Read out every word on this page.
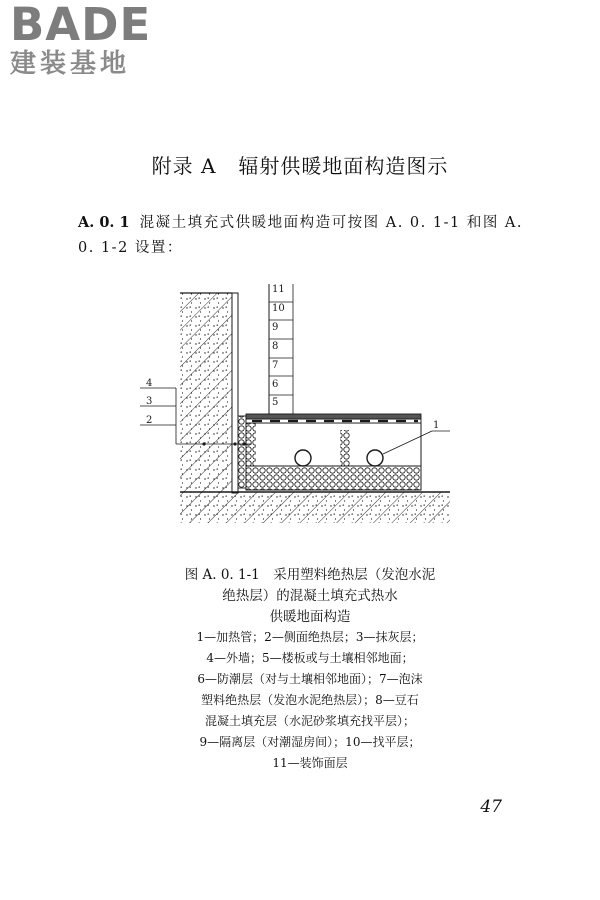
BADE
建装基地
附录 A 辐射供暖地面构造图示
A. 0. 1 混凝土填充式供暖地面构造可按图 A. 0. 1-1 和图 A. 0. 1-2 设置：
11
10
9
8
7
6
5
4
3
2	1
图 A. 0. 1-1　采用塑料绝热层（发泡水泥
绝热层）的混凝土填充式热水
供暖地面构造
1—加热管；2—侧面绝热层；3—抹灰层；
4—外墙；5—楼板或与土壤相邻地面；
6—防潮层（对与土壤相邻地面）；7—泡沫
塑料绝热层（发泡水泥绝热层）；8—豆石
混凝土填充层（水泥砂浆填充找平层）；
9—隔离层（对潮湿房间）；10—找平层；
11—装饰面层
47
